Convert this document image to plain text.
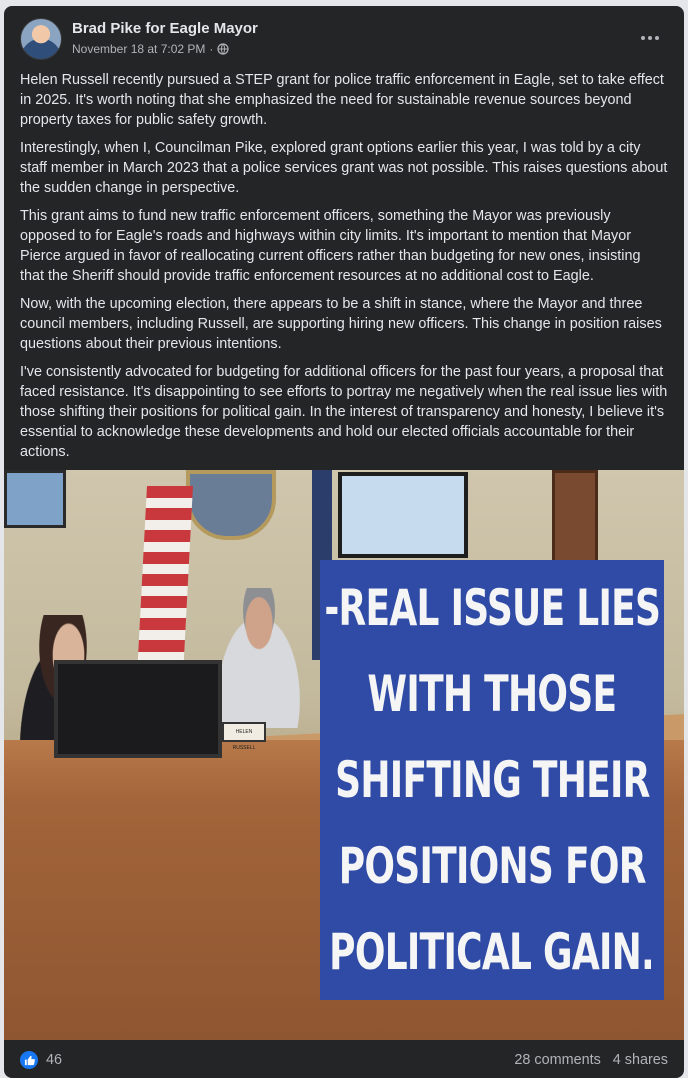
Brad Pike for Eagle Mayor
November 18 at 7:02 PM ·

Helen Russell recently pursued a STEP grant for police traffic enforcement in Eagle, set to take effect in 2025. It's worth noting that she emphasized the need for sustainable revenue sources beyond property taxes for public safety growth.

Interestingly, when I, Councilman Pike, explored grant options earlier this year, I was told by a city staff member in March 2023 that a police services grant was not possible. This raises questions about the sudden change in perspective.

This grant aims to fund new traffic enforcement officers, something the Mayor was previously opposed to for Eagle's roads and highways within city limits. It's important to mention that Mayor Pierce argued in favor of reallocating current officers rather than budgeting for new ones, insisting that the Sheriff should provide traffic enforcement resources at no additional cost to Eagle.

Now, with the upcoming election, there appears to be a shift in stance, where the Mayor and three council members, including Russell, are supporting hiring new officers. This change in position raises questions about their previous intentions.

I've consistently advocated for budgeting for additional officers for the past four years, a proposal that faced resistance. It's disappointing to see efforts to portray me negatively when the real issue lies with those shifting their positions for political gain. In the interest of transparency and honesty, I believe it's essential to acknowledge these developments and hold our elected officials accountable for their actions.

HELEN RUSSELL
-REAL ISSUE LIES
WITH THOSE
SHIFTING THEIR
POSITIONS FOR
POLITICAL GAIN.
46	28 comments 4 shares
